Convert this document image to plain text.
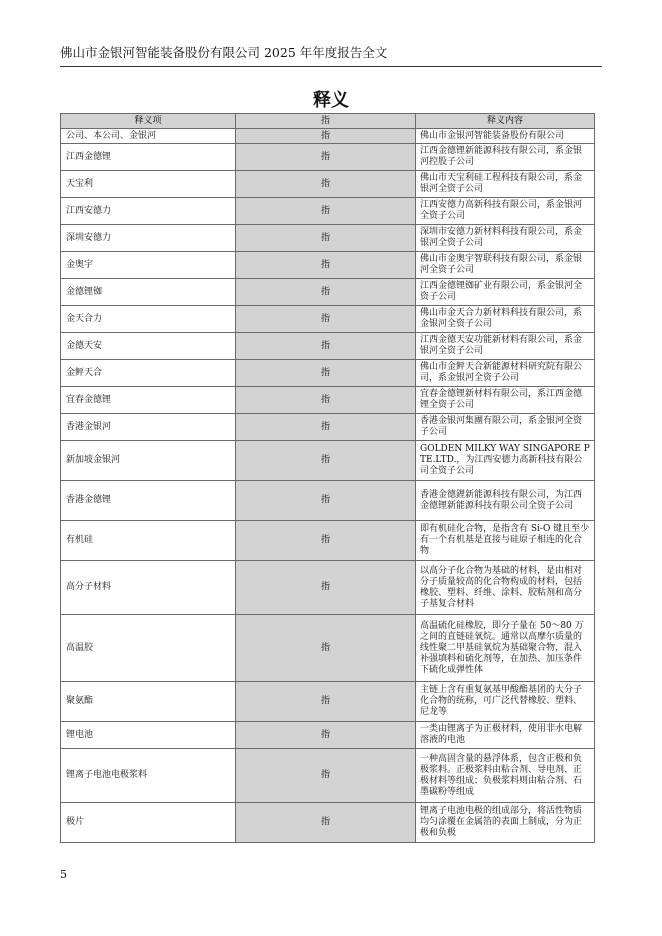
佛山市金银河智能装备股份有限公司 2025 年年度报告全文
释义
释义项	指	释义内容
公司、本公司、金银河	指	佛山市金银河智能装备股份有限公司
江西金德锂	指	江西金德锂新能源科技有限公司，系金银河控股子公司
天宝利	指	佛山市天宝利硅工程科技有限公司，系金银河全资子公司
江西安德力	指	江西安德力高新科技有限公司，系金银河全资子公司
深圳安德力	指	深圳市安德力新材料科技有限公司，系金银河全资子公司
金奥宇	指	佛山市金奥宇智联科技有限公司，系金银河全资子公司
金德锂铷	指	江西金德锂铷矿业有限公司，系金银河全资子公司
金天合力	指	佛山市金天合力新材料科技有限公司，系金银河全资子公司
金德天安	指	江西金德天安功能新材料有限公司，系金银河全资子公司
金鲆天合	指	佛山市金鲆天合新能源材料研究院有限公司，系金银河全资子公司
宜春金德锂	指	宜春金德锂新材料有限公司，系江西金德锂全资子公司
香港金银河	指	香港金银河集團有限公司，系金银河全资子公司
新加坡金银河	指	GOLDEN MILKY WAY SINGAPORE PTE.LTD.，为江西安德力高新科技有限公司全资子公司
香港金德锂	指	香港金德鋰新能源科技有限公司，为江西金德锂新能源科技有限公司全资子公司
有机硅	指	即有机硅化合物，是指含有 Si-O 键且至少有一个有机基是直接与硅原子相连的化合物
高分子材料	指	以高分子化合物为基础的材料，是由相对分子质量较高的化合物构成的材料，包括橡胶、塑料、纤维、涂料、胶粘剂和高分子基复合材料
高温胶	指	高温硫化硅橡胶，即分子量在 50～80 万之间的直链硅氧烷。通常以高摩尔质量的线性聚二甲基硅氧烷为基础聚合物，混入补强填料和硫化剂等，在加热、加压条件下硫化成弹性体
聚氨酯	指	主链上含有重复氨基甲酸酯基团的大分子化合物的统称，可广泛代替橡胶、塑料、尼龙等
锂电池	指	一类由锂离子为正极材料，使用非水电解溶液的电池
锂离子电池电极浆料	指	一种高固含量的悬浮体系，包含正极和负极浆料。正极浆料由粘合剂、导电剂、正极材料等组成；负极浆料则由粘合剂、石墨碳粉等组成
极片	指	锂离子电池电极的组成部分，将活性物质均匀涂覆在金属箔的表面上制成，分为正极和负极
5
